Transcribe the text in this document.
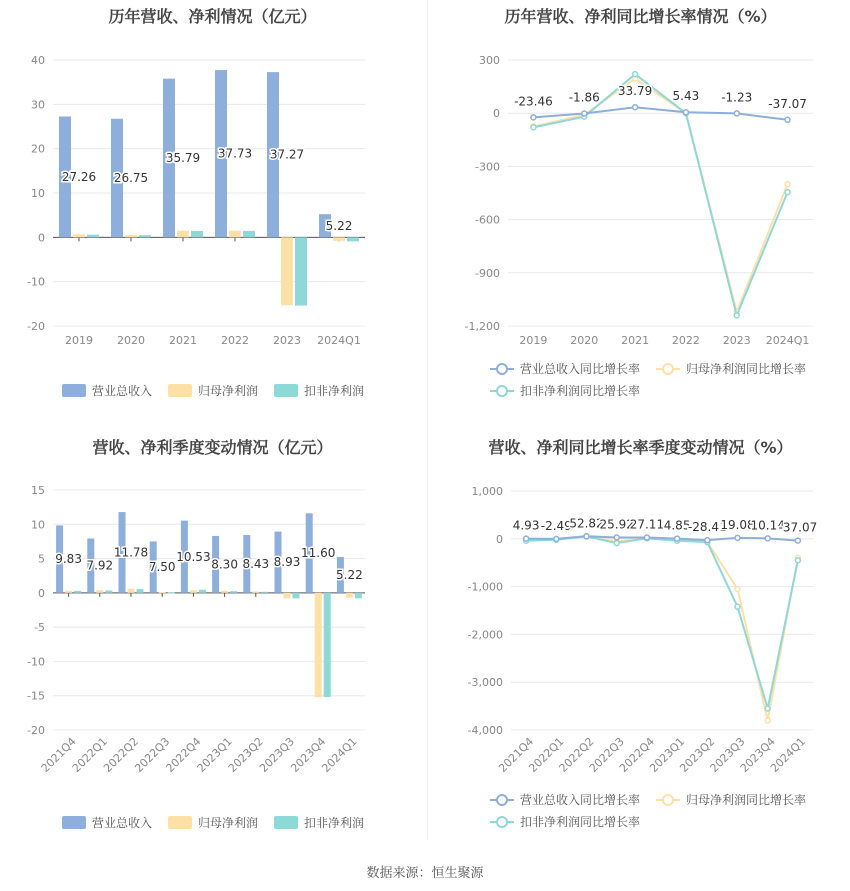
历年营收、净利情况（亿元）
-20
-10
0
10
20
30
40
2019 2020 2021 2022 2023 2024Q1
27.26 26.75
35.79 37.73 37.27
5.22
营业总收入	归母净利润	扣非净利润
历年营收、净利同比增长率情况（%）
-1,200
-900
-600
-300
0
300
2019 2020 2021 2022 2023 2024Q1
-23.46 -1.86 33.79 5.43 -1.23 -37.07
营业总收入同比增长率	归母净利润同比增长率
扣非净利润同比增长率
营收、净利季度变动情况（亿元）
-20
-15
-10
-5
0
5
10
15
2021Q4
2022Q1
2022Q2
2022Q3
2022Q4
2023Q1
2023Q2
2023Q3
2023Q4
2024Q1
9.83 7.92
11.78
7.50
10.53
8.30 8.43 8.93
11.60
5.22
营业总收入	归母净利润	扣非净利润
营收、净利同比增长率季度变动情况（%）
-4,000
-3,000
-2,000
-1,000
0
1,000
2021Q4
2022Q1
2022Q2
2022Q3
2022Q4
2023Q1
2023Q2
2023Q3
2023Q4
2024Q1
4.93 -2.49
52.82
25.92
27.11 4.85
-28.41
19.08
10.14
-37.07
营业总收入同比增长率	归母净利润同比增长率
扣非净利润同比增长率
数据来源：恒生聚源
